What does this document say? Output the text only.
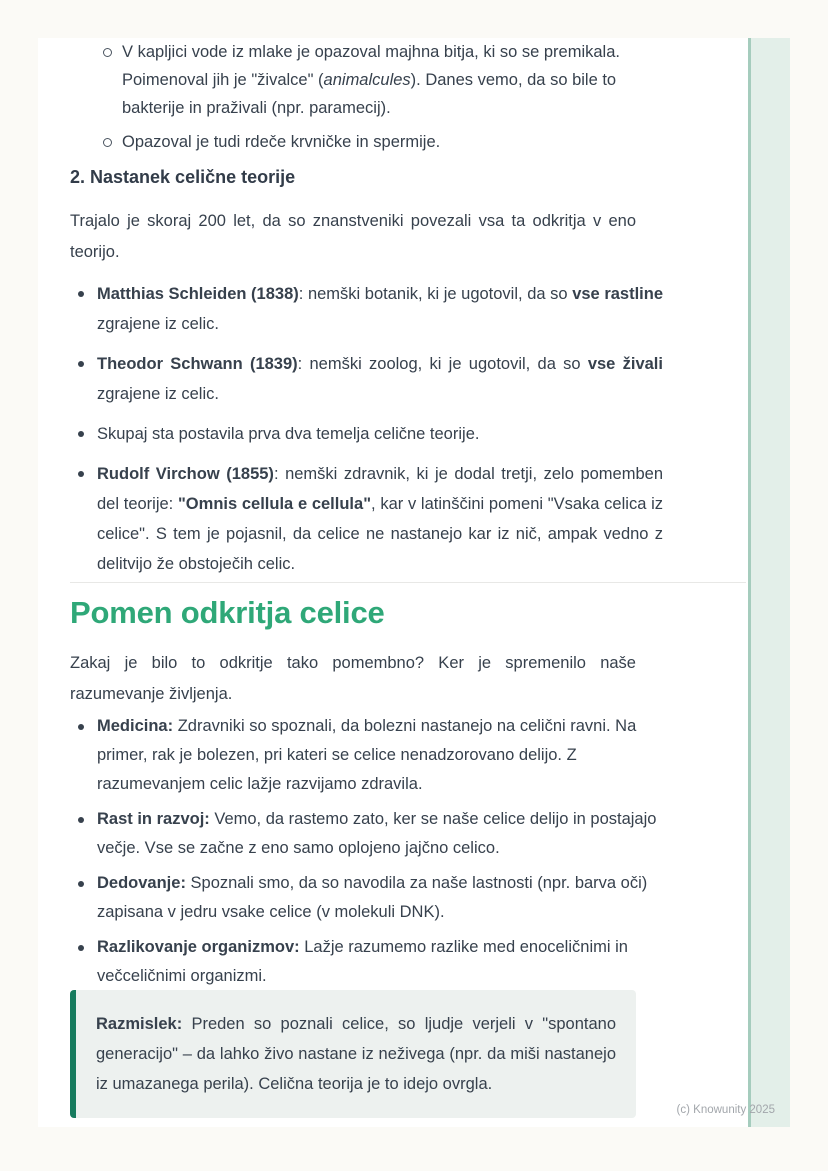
V kapljici vode iz mlake je opazoval majhna bitja, ki so se premikala. Poimenoval jih je "živalce" (animalcules). Danes vemo, da so bile to bakterije in praživali (npr. paramecij).
Opazoval je tudi rdeče krvničke in spermije.
2. Nastanek celične teorije

Trajalo je skoraj 200 let, da so znanstveniki povezali vsa ta odkritja v eno teorijo.

Matthias Schleiden (1838): nemški botanik, ki je ugotovil, da so vse rastline zgrajene iz celic.
Theodor Schwann (1839): nemški zoolog, ki je ugotovil, da so vse živali zgrajene iz celic.
Skupaj sta postavila prva dva temelja celične teorije.
Rudolf Virchow (1855): nemški zdravnik, ki je dodal tretji, zelo pomemben del teorije: "Omnis cellula e cellula", kar v latinščini pomeni "Vsaka celica iz celice". S tem je pojasnil, da celice ne nastanejo kar iz nič, ampak vedno z delitvijo že obstoječih celic.
Pomen odkritja celice

Zakaj je bilo to odkritje tako pomembno? Ker je spremenilo naše razumevanje življenja.

Medicina: Zdravniki so spoznali, da bolezni nastanejo na celični ravni. Na primer, rak je bolezen, pri kateri se celice nenadzorovano delijo. Z razumevanjem celic lažje razvijamo zdravila.
Rast in razvoj: Vemo, da rastemo zato, ker se naše celice delijo in postajajo večje. Vse se začne z eno samo oplojeno jajčno celico.
Dedovanje: Spoznali smo, da so navodila za naše lastnosti (npr. barva oči) zapisana v jedru vsake celice (v molekuli DNK).
Razlikovanje organizmov: Lažje razumemo razlike med enoceličnimi in večceličnimi organizmi.

Razmislek: Preden so poznali celice, so ljudje verjeli v "spontano generacijo" – da lahko živo nastane iz neživega (npr. da miši nastanejo iz umazanega perila). Celična teorija je to idejo ovrgla.

(c) Knowunity 2025
